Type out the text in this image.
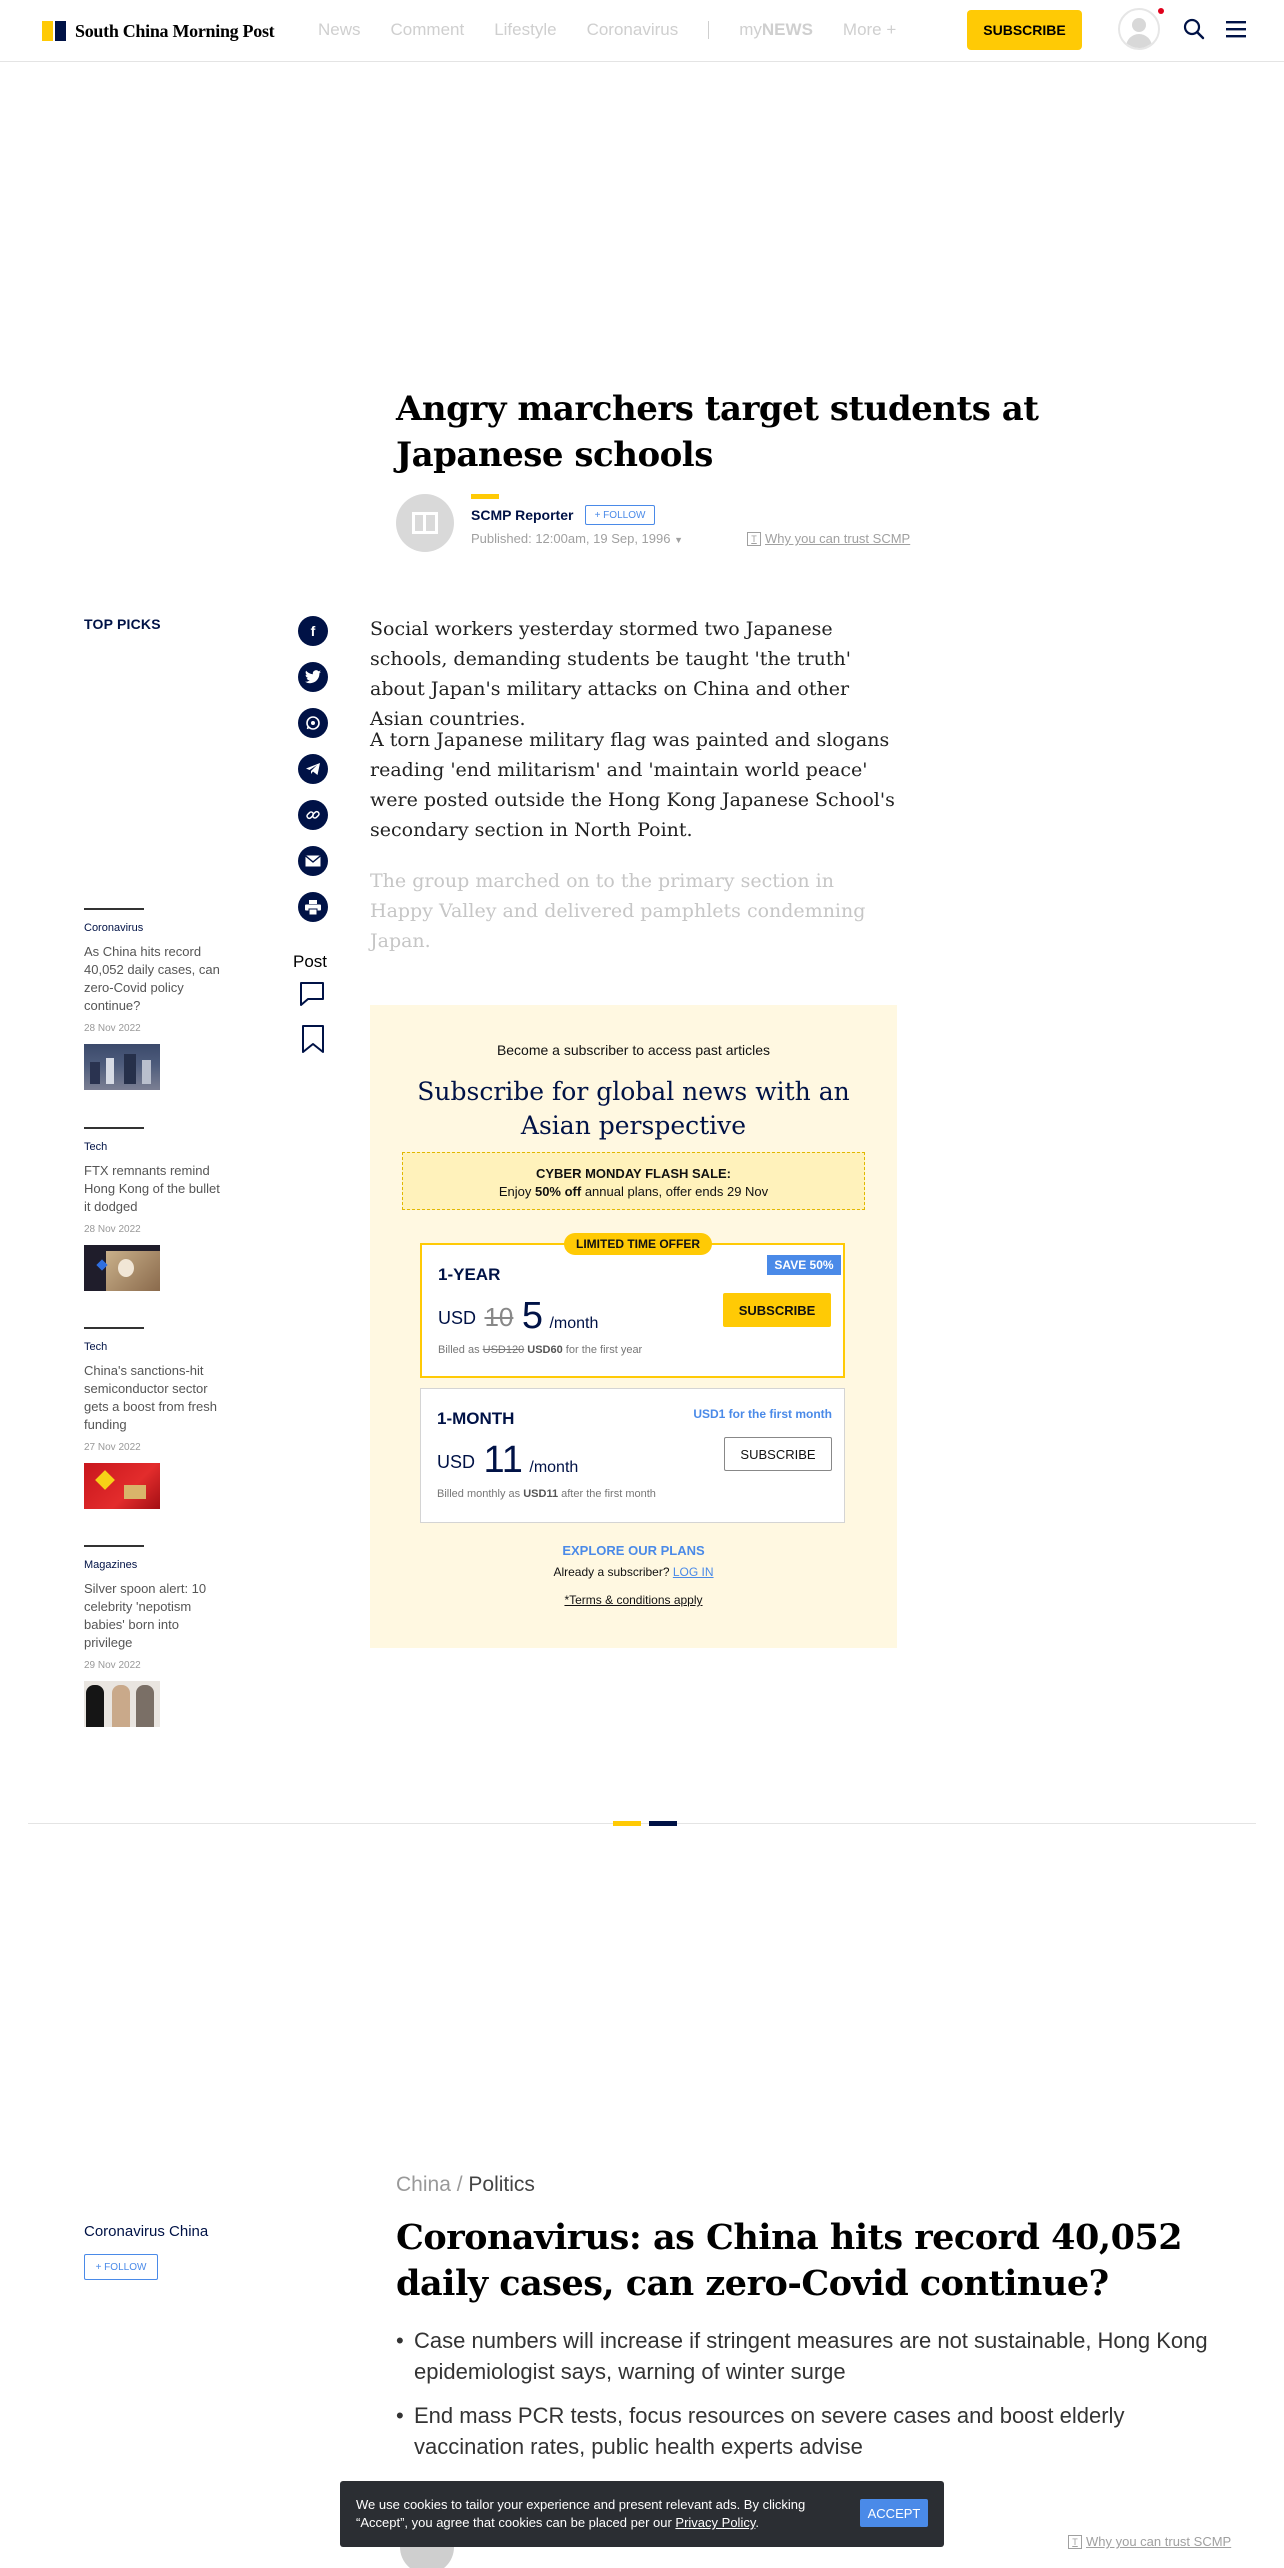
South China Morning Post	News Comment Lifestyle Coronavirus	myNEWS More +	SUBSCRIBE
Angry marchers target students at Japanese schools
SCMP Reporter	+ FOLLOW
Published: 12:00am, 19 Sep, 1996 ▼	T Why you can trust SCMP
TOP PICKS	f
Post

Social workers yesterday stormed two Japanese schools, demanding students be taught 'the truth' about Japan's military attacks on China and other Asian countries.

A torn Japanese military flag was painted and slogans reading 'end militarism' and 'maintain world peace' were posted outside the Hong Kong Japanese School's secondary section in North Point.

The group marched on to the primary section in Happy Valley and delivered pamphlets condemning Japan.

Coronavirus
As China hits record 40,052 daily cases, can zero-Covid policy continue?
28 Nov 2022
Tech
FTX remnants remind Hong Kong of the bullet it dodged
28 Nov 2022
Tech
China's sanctions-hit semiconductor sector gets a boost from fresh funding
27 Nov 2022
Magazines
Silver spoon alert: 10 celebrity 'nepotism babies' born into privilege
29 Nov 2022
Become a subscriber to access past articles
Subscribe for global news with an Asian perspective
CYBER MONDAY FLASH SALE:
Enjoy 50% off annual plans, offer ends 29 Nov
LIMITED TIME OFFER
SAVE 50%
1-YEAR
USD 10 5 /month
Billed as USD120 USD60 for the first year
SUBSCRIBE
1-MONTH	USD1 for the first month
USD 11 /month
Billed monthly as USD11 after the first month
SUBSCRIBE
EXPLORE OUR PLANS
Already a subscriber? LOG IN
*Terms & conditions apply
China / Politics
Coronavirus China
+ FOLLOW
Coronavirus: as China hits record 40,052 daily cases, can zero-Covid continue?
• Case numbers will increase if stringent measures are not sustainable, Hong Kong epidemiologist says, warning of winter surge
• End mass PCR tests, focus resources on severe cases and boost elderly vaccination rates, public health experts advise
T Why you can trust SCMP
We use cookies to tailor your experience and present relevant ads. By clicking “Accept”, you agree that cookies can be placed per our Privacy Policy.
ACCEPT
